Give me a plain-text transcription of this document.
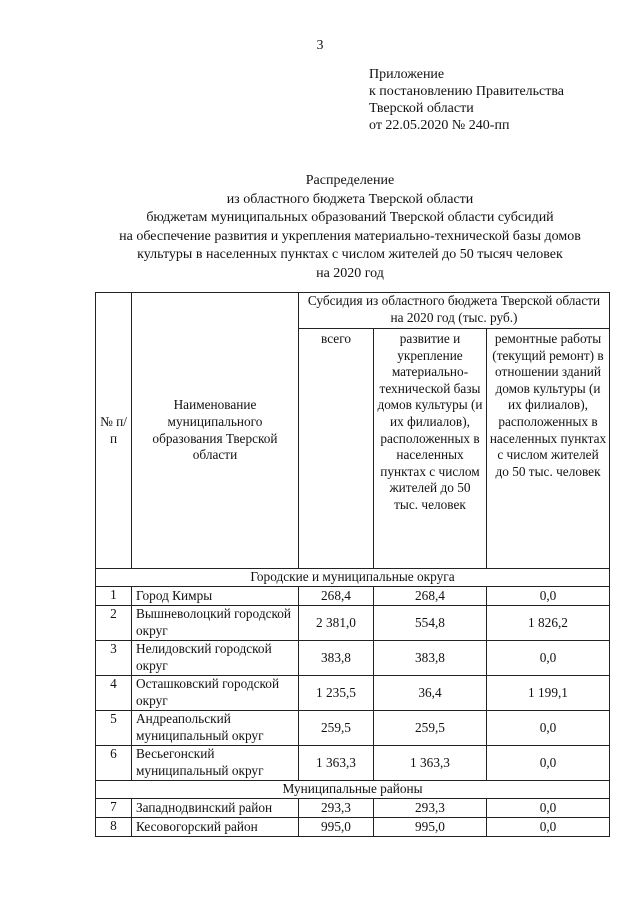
3
Приложение
к постановлению Правительства
Тверской области
от 22.05.2020 № 240-пп
Распределение
из областного бюджета Тверской области
бюджетам муниципальных образований Тверской области субсидий
на обеспечение развития и укрепления материально-технической базы домов
культуры в населенных пунктах с числом жителей до 50 тысяч человек
на 2020 год
№ п/п	Наименование муниципального образования Тверской области	Субсидия из областного бюджета Тверской области на 2020 год (тыс. руб.)		
		всего	развитие и укрепление материально-технической базы домов культуры (и их филиалов), расположенных в населенных пунктах с числом жителей до 50 тыс. человек	ремонтные работы (текущий ремонт) в отношении зданий домов культуры (и их филиалов), расположенных в населенных пунктах с числом жителей до 50 тыс. человек
Городские и муниципальные округа				
1	Город Кимры	268,4	268,4	0,0
2	Вышневолоцкий городской округ	2 381,0	554,8	1 826,2
3	Нелидовский городской округ	383,8	383,8	0,0
4	Осташковский городской округ	1 235,5	36,4	1 199,1
5	Андреапольский муниципальный округ	259,5	259,5	0,0
6	Весьегонский муниципальный округ	1 363,3	1 363,3	0,0
Муниципальные районы				
7	Западнодвинский район	293,3	293,3	0,0
8	Кесовогорский район	995,0	995,0	0,0
